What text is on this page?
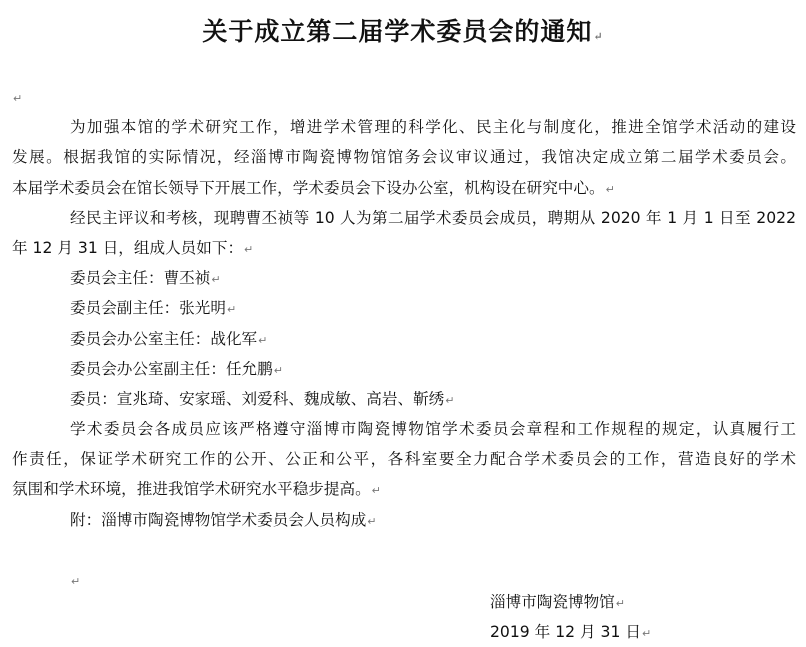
关于成立第二届学术委员会的通知↵
↵
为加强本馆的学术研究工作，增进学术管理的科学化、民主化与制度化，推进全馆学术活动的建设
发展。根据我馆的实际情况，经淄博市陶瓷博物馆馆务会议审议通过，我馆决定成立第二届学术委员会。
本届学术委员会在馆长领导下开展工作，学术委员会下设办公室，机构设在研究中心。↵
经民主评议和考核，现聘曹丕祯等 10 人为第二届学术委员会成员，聘期从 2020 年 1 月 1 日至 2022
年 12 月 31 日，组成人员如下：↵
委员会主任：曹丕祯↵
委员会副主任：张光明↵
委员会办公室主任：战化军↵
委员会办公室副主任：任允鹏↵
委员：宣兆琦、安家瑶、刘爱科、魏成敏、高岩、靳绣↵
学术委员会各成员应该严格遵守淄博市陶瓷博物馆学术委员会章程和工作规程的规定，认真履行工
作责任，保证学术研究工作的公开、公正和公平，各科室要全力配合学术委员会的工作，营造良好的学术
氛围和学术环境，推进我馆学术研究水平稳步提高。↵
附：淄博市陶瓷博物馆学术委员会人员构成↵
↵
淄博市陶瓷博物馆↵
2019 年 12 月 31 日↵
